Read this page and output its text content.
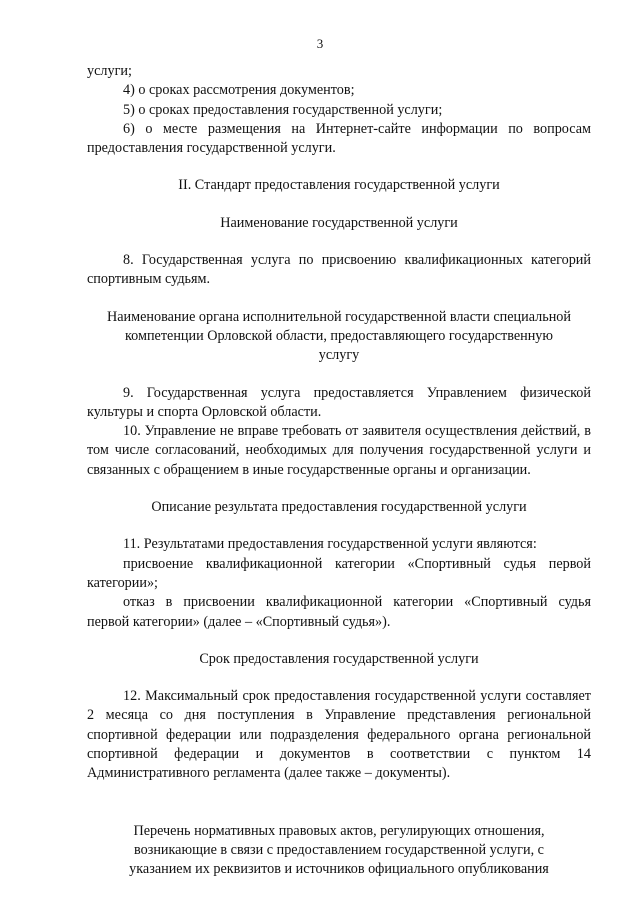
3

услуги;

4) о сроках рассмотрения документов;

5) о сроках предоставления государственной услуги;

6) о месте размещения на Интернет-сайте информации по вопросам предоставления государственной услуги.

II. Стандарт предоставления государственной услуги

Наименование государственной услуги

8. Государственная услуга по присвоению квалификационных категорий спортивным судьям.

Наименование органа исполнительной государственной власти специальной компетенции Орловской области, предоставляющего государственную услугу

9. Государственная услуга предоставляется Управлением физической культуры и спорта Орловской области.

10. Управление не вправе требовать от заявителя осуществления действий, в том числе согласований, необходимых для получения государственной услуги и связанных с обращением в иные государственные органы и организации.

Описание результата предоставления государственной услуги

11. Результатами предоставления государственной услуги являются:

присвоение квалификационной категории «Спортивный судья первой категории»;

отказ в присвоении квалификационной категории «Спортивный судья первой категории» (далее – «Спортивный судья»).

Срок предоставления государственной услуги

12. Максимальный срок предоставления государственной услуги составляет 2 месяца со дня поступления в Управление представления региональной спортивной федерации или подразделения федерального органа региональной спортивной федерации и документов в соответствии с пунктом 14 Административного регламента (далее также – документы).

Перечень нормативных правовых актов, регулирующих отношения, возникающие в связи с предоставлением государственной услуги, с указанием их реквизитов и источников официального опубликования
